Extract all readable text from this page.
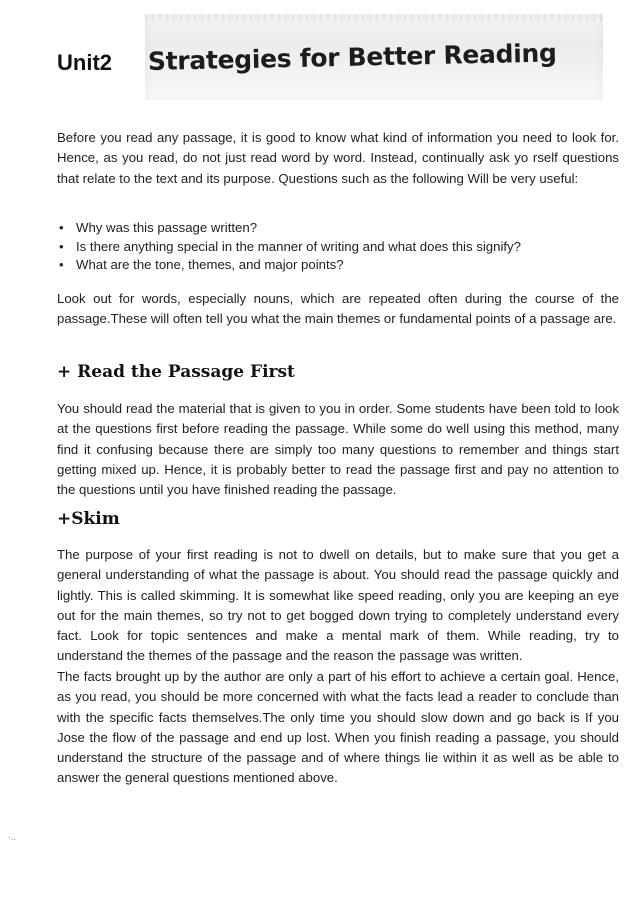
Unit2 Strategies for Better Reading

Before you read any passage, it is good to know what kind of information you need to look for. Hence, as you read, do not just read word by word. Instead, continually ask yo rself questions that relate to the text and its purpose. Questions such as the following Will be very useful:

• Why was this passage written?
• Is there anything special in the manner of writing and what does this signify?
• What are the tone, themes, and major points?

Look out for words, especially nouns, which are repeated often during the course of the passage.These will often tell you what the main themes or fundamental points of a passage are.

+ Read the Passage First

You should read the material that is given to you in order. Some students have been told to look at the questions first before reading the passage. While some do well using this method, many find it confusing because there are simply too many questions to remember and things start getting mixed up. Hence, it is probably better to read the passage first and pay no attention to the questions until you have finished reading the passage.

+Skim

The purpose of your first reading is not to dwell on details, but to make sure that you get a general understanding of what the passage is about. You should read the passage quickly and lightly. This is called skimming. It is somewhat like speed reading, only you are keeping an eye out for the main themes, so try not to get bogged down trying to completely understand every fact. Look for topic sentences and make a mental mark of them. While reading, try to understand the themes of the passage and the reason the passage was written.

The facts brought up by the author are only a part of his effort to achieve a certain goal. Hence, as you read, you should be more concerned with what the facts lead a reader to conclude than with the specific facts themselves.The only time you should slow down and go back is If you Jose the flow of the passage and end up lost. When you finish reading a passage, you should understand the structure of the passage and of where things lie within it as well as be able to answer the general questions mentioned above.

·..
